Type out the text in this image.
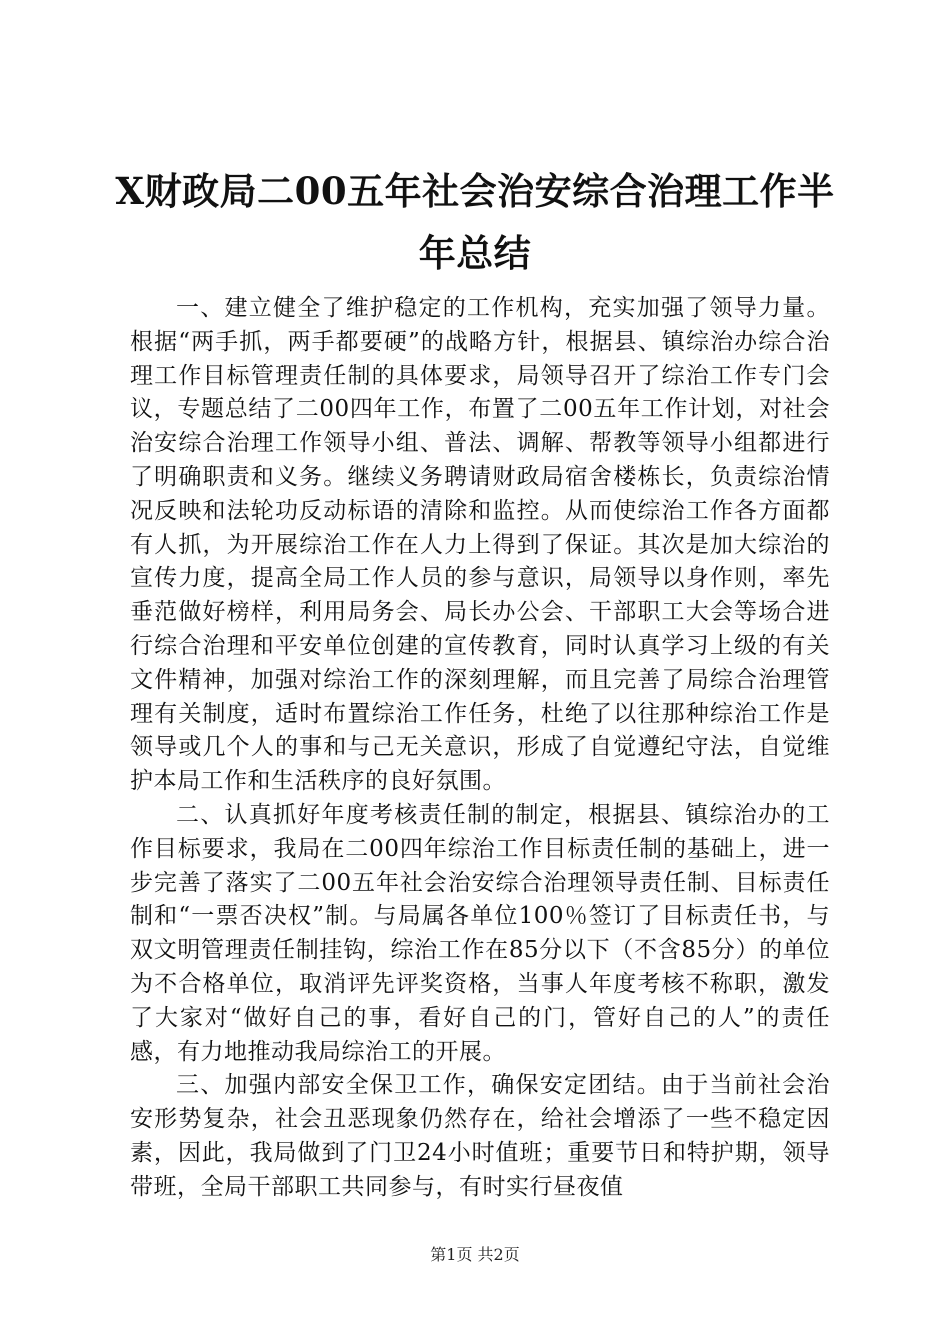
X财政局二00五年社会治安综合治理工作半年总结

一、建立健全了维护稳定的工作机构，充实加强了领导力量。根据“两手抓，两手都要硬”的战略方针，根据县、镇综治办综合治理工作目标管理责任制的具体要求，局领导召开了综治工作专门会议，专题总结了二00四年工作，布置了二00五年工作计划，对社会治安综合治理工作领导小组、普法、调解、帮教等领导小组都进行了明确职责和义务。继续义务聘请财政局宿舍楼栋长，负责综治情况反映和法轮功反动标语的清除和监控。从而使综治工作各方面都有人抓，为开展综治工作在人力上得到了保证。其次是加大综治的宣传力度，提高全局工作人员的参与意识，局领导以身作则，率先垂范做好榜样，利用局务会、局长办公会、干部职工大会等场合进行综合治理和平安单位创建的宣传教育，同时认真学习上级的有关文件精神，加强对综治工作的深刻理解，而且完善了局综合治理管理有关制度，适时布置综治工作任务，杜绝了以往那种综治工作是领导或几个人的事和与己无关意识，形成了自觉遵纪守法，自觉维护本局工作和生活秩序的良好氛围。

二、认真抓好年度考核责任制的制定，根据县、镇综治办的工作目标要求，我局在二00四年综治工作目标责任制的基础上，进一步完善了落实了二00五年社会治安综合治理领导责任制、目标责任制和“一票否决权”制。与局属各单位100％签订了目标责任书，与双文明管理责任制挂钩，综治工作在85分以下（不含85分）的单位为不合格单位，取消评先评奖资格，当事人年度考核不称职，激发了大家对“做好自己的事，看好自己的门，管好自己的人”的责任感，有力地推动我局综治工的开展。

三、加强内部安全保卫工作，确保安定团结。由于当前社会治安形势复杂，社会丑恶现象仍然存在，给社会增添了一些不稳定因素，因此，我局做到了门卫24小时值班；重要节日和特护期，领导带班，全局干部职工共同参与，有时实行昼夜值

第1页 共2页
